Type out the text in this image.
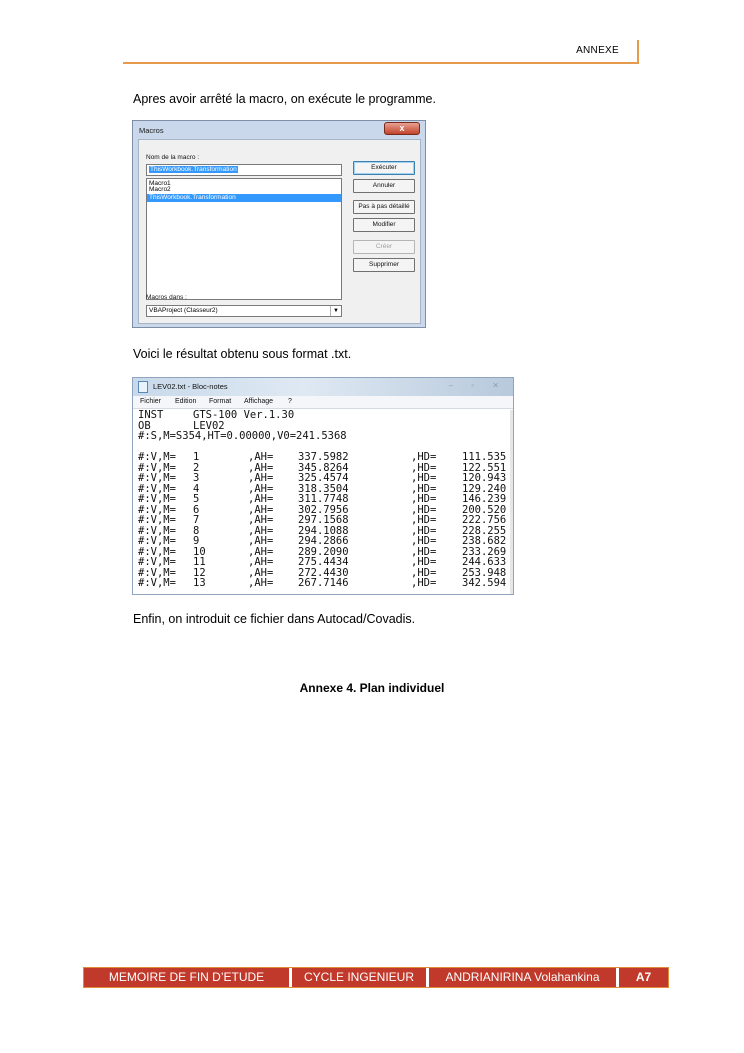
ANNEXE

Apres avoir arrêté la macro, on exécute le programme.

Macros	x
Nom de la macro :
ThisWorkbook.Transformation
Macro1
Macro2
ThisWorkbook.Transformation
Exécuter
Annuler
Pas à pas détaillé
Modifier
Créer
Supprimer
Macros dans :
VBAProject (Classeur2)	▼

Voici le résultat obtenu sous format .txt.

LEV02.txt - Bloc-notes	– ▫ ✕
Fichier Edition Format Affichage ?

INST

	GTS-100 Ver.1.30

OB

	LEV02

#:S,M=S354,HT=0.00000,V0=241.5368

#:V,M= 1	,AH= 337.5982	,HD= 111.535
#:V,M= 2	,AH= 345.8264	,HD= 122.551
#:V,M= 3	,AH= 325.4574	,HD= 120.943
#:V,M= 4	,AH= 318.3504	,HD= 129.240
#:V,M= 5	,AH= 311.7748	,HD= 146.239
#:V,M= 6	,AH= 302.7956	,HD= 200.520
#:V,M= 7	,AH= 297.1568	,HD= 222.756
#:V,M= 8	,AH= 294.1088	,HD= 228.255
#:V,M= 9	,AH= 294.2866	,HD= 238.682
#:V,M= 10	,AH= 289.2090	,HD= 233.269
#:V,M= 11	,AH= 275.4434	,HD= 244.633
#:V,M= 12	,AH= 272.4430	,HD= 253.948
#:V,M= 13	,AH= 267.7146	,HD= 342.594

Enfin, on introduit ce fichier dans Autocad/Covadis.

Annexe 4. Plan individuel
MEMOIRE DE FIN D’ETUDE	CYCLE INGENIEUR	ANDRIANIRINA Volahankina	A7
